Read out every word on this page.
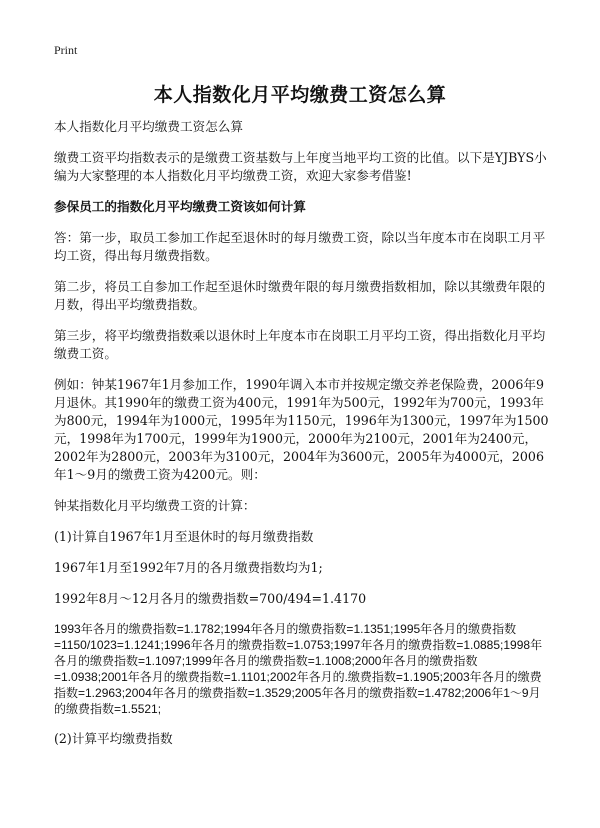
Print
本人指数化月平均缴费工资怎么算

本人指数化月平均缴费工资怎么算

缴费工资平均指数表示的是缴费工资基数与上年度当地平均工资的比值。以下是YJBYS小编为大家整理的本人指数化月平均缴费工资，欢迎大家参考借鉴!

参保员工的指数化月平均缴费工资该如何计算

答：第一步，取员工参加工作起至退休时的每月缴费工资，除以当年度本市在岗职工月平均工资，得出每月缴费指数。

第二步，将员工自参加工作起至退休时缴费年限的每月缴费指数相加，除以其缴费年限的月数，得出平均缴费指数。

第三步，将平均缴费指数乘以退休时上年度本市在岗职工月平均工资，得出指数化月平均缴费工资。

例如：钟某1967年1月参加工作，1990年调入本市并按规定缴交养老保险费，2006年9月退休。其1990年的缴费工资为400元，1991年为500元，1992年为700元，1993年为800元，1994年为1000元，1995年为1150元，1996年为1300元，1997年为1500元，1998年为1700元，1999年为1900元，2000年为2100元，2001年为2400元，2002年为2800元，2003年为3100元，2004年为3600元，2005年为4000元，2006年1～9月的缴费工资为4200元。则：

钟某指数化月平均缴费工资的计算：

(1)计算自1967年1月至退休时的每月缴费指数

1967年1月至1992年7月的各月缴费指数均为1;

1992年8月～12月各月的缴费指数=700/494=1.4170

1993年各月的缴费指数=1.1782;1994年各月的缴费指数=1.1351;1995年各月的缴费指数=1150/1023=1.1241;1996年各月的缴费指数=1.0753;1997年各月的缴费指数=1.0885;1998年各月的缴费指数=1.1097;1999年各月的缴费指数=1.1008;2000年各月的缴费指数=1.0938;2001年各月的缴费指数=1.1101;2002年各月的.缴费指数=1.1905;2003年各月的缴费指数=1.2963;2004年各月的缴费指数=1.3529;2005年各月的缴费指数=1.4782;2006年1～9月的缴费指数=1.5521;

(2)计算平均缴费指数
